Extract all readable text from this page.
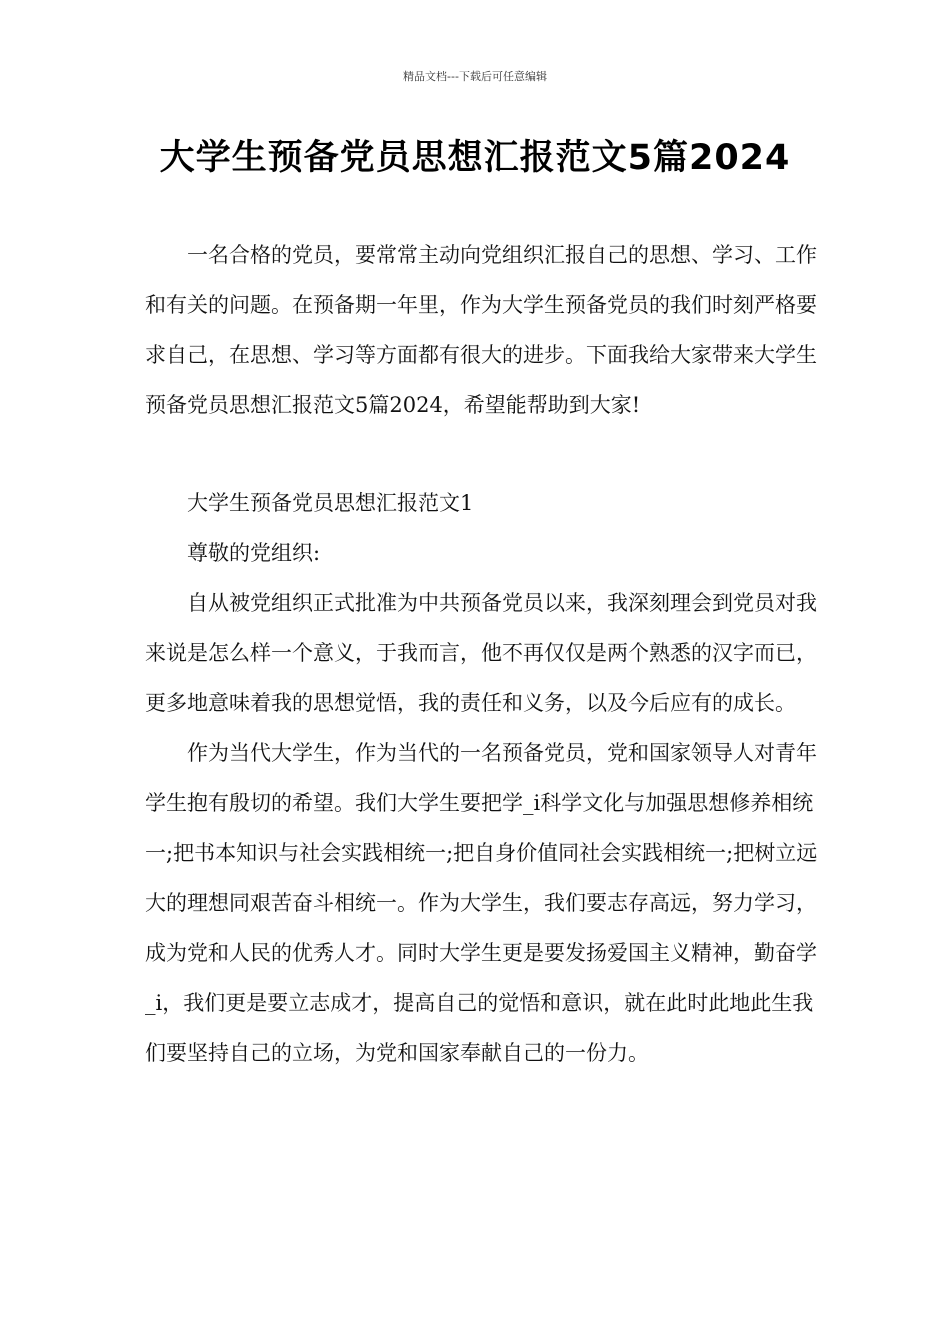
精品文档---下载后可任意编辑
大学生预备党员思想汇报范文5篇2024

一名合格的党员，要常常主动向党组织汇报自己的思想、学习、工作和有关的问题。在预备期一年里，作为大学生预备党员的我们时刻严格要求自己，在思想、学习等方面都有很大的进步。下面我给大家带来大学生预备党员思想汇报范文5篇2024，希望能帮助到大家!

大学生预备党员思想汇报范文1

尊敬的党组织:

自从被党组织正式批准为中共预备党员以来，我深刻理会到党员对我来说是怎么样一个意义，于我而言，他不再仅仅是两个熟悉的汉字而已，更多地意味着我的思想觉悟，我的责任和义务，以及今后应有的成长。

作为当代大学生，作为当代的一名预备党员，党和国家领导人对青年学生抱有殷切的希望。我们大学生要把学_i科学文化与加强思想修养相统一;把书本知识与社会实践相统一;把自身价值同社会实践相统一;把树立远大的理想同艰苦奋斗相统一。作为大学生，我们要志存高远，努力学习，成为党和人民的优秀人才。同时大学生更是要发扬爱国主义精神，勤奋学_i，我们更是要立志成才，提高自己的觉悟和意识，就在此时此地此生我们要坚持自己的立场，为党和国家奉献自己的一份力。
